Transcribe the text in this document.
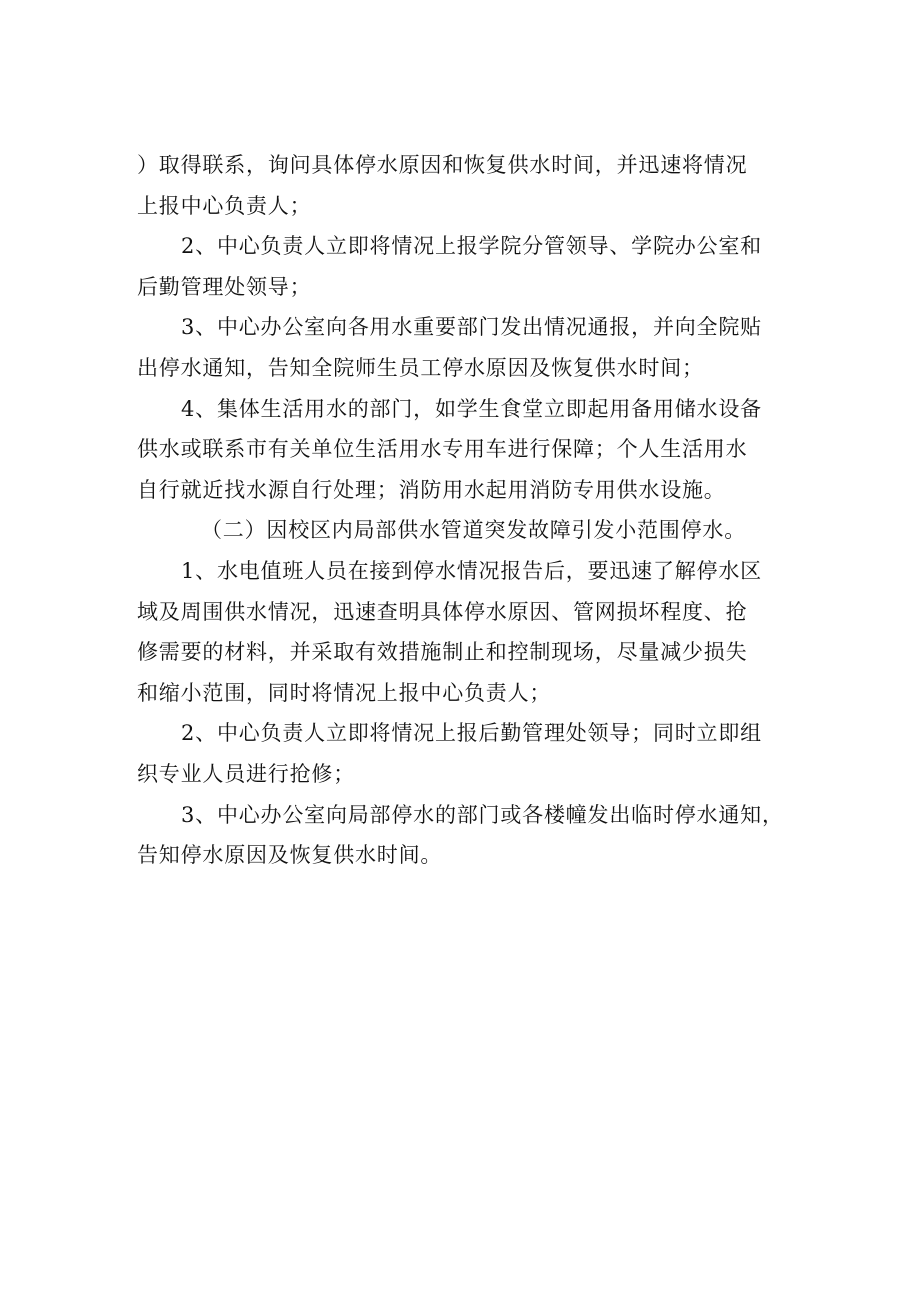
）取得联系，询问具体停水原因和恢复供水时间，并迅速将情况
上报中心负责人；
2、中心负责人立即将情况上报学院分管领导、学院办公室和
后勤管理处领导；
3、中心办公室向各用水重要部门发出情况通报，并向全院贴
出停水通知，告知全院师生员工停水原因及恢复供水时间；
4、集体生活用水的部门，如学生食堂立即起用备用储水设备
供水或联系市有关单位生活用水专用车进行保障；个人生活用水
自行就近找水源自行处理；消防用水起用消防专用供水设施。
（二）因校区内局部供水管道突发故障引发小范围停水。
1、水电值班人员在接到停水情况报告后，要迅速了解停水区
域及周围供水情况，迅速查明具体停水原因、管网损坏程度、抢
修需要的材料，并采取有效措施制止和控制现场，尽量减少损失
和缩小范围，同时将情况上报中心负责人；
2、中心负责人立即将情况上报后勤管理处领导；同时立即组
织专业人员进行抢修；
3、中心办公室向局部停水的部门或各楼幢发出临时停水通知，
告知停水原因及恢复供水时间。
